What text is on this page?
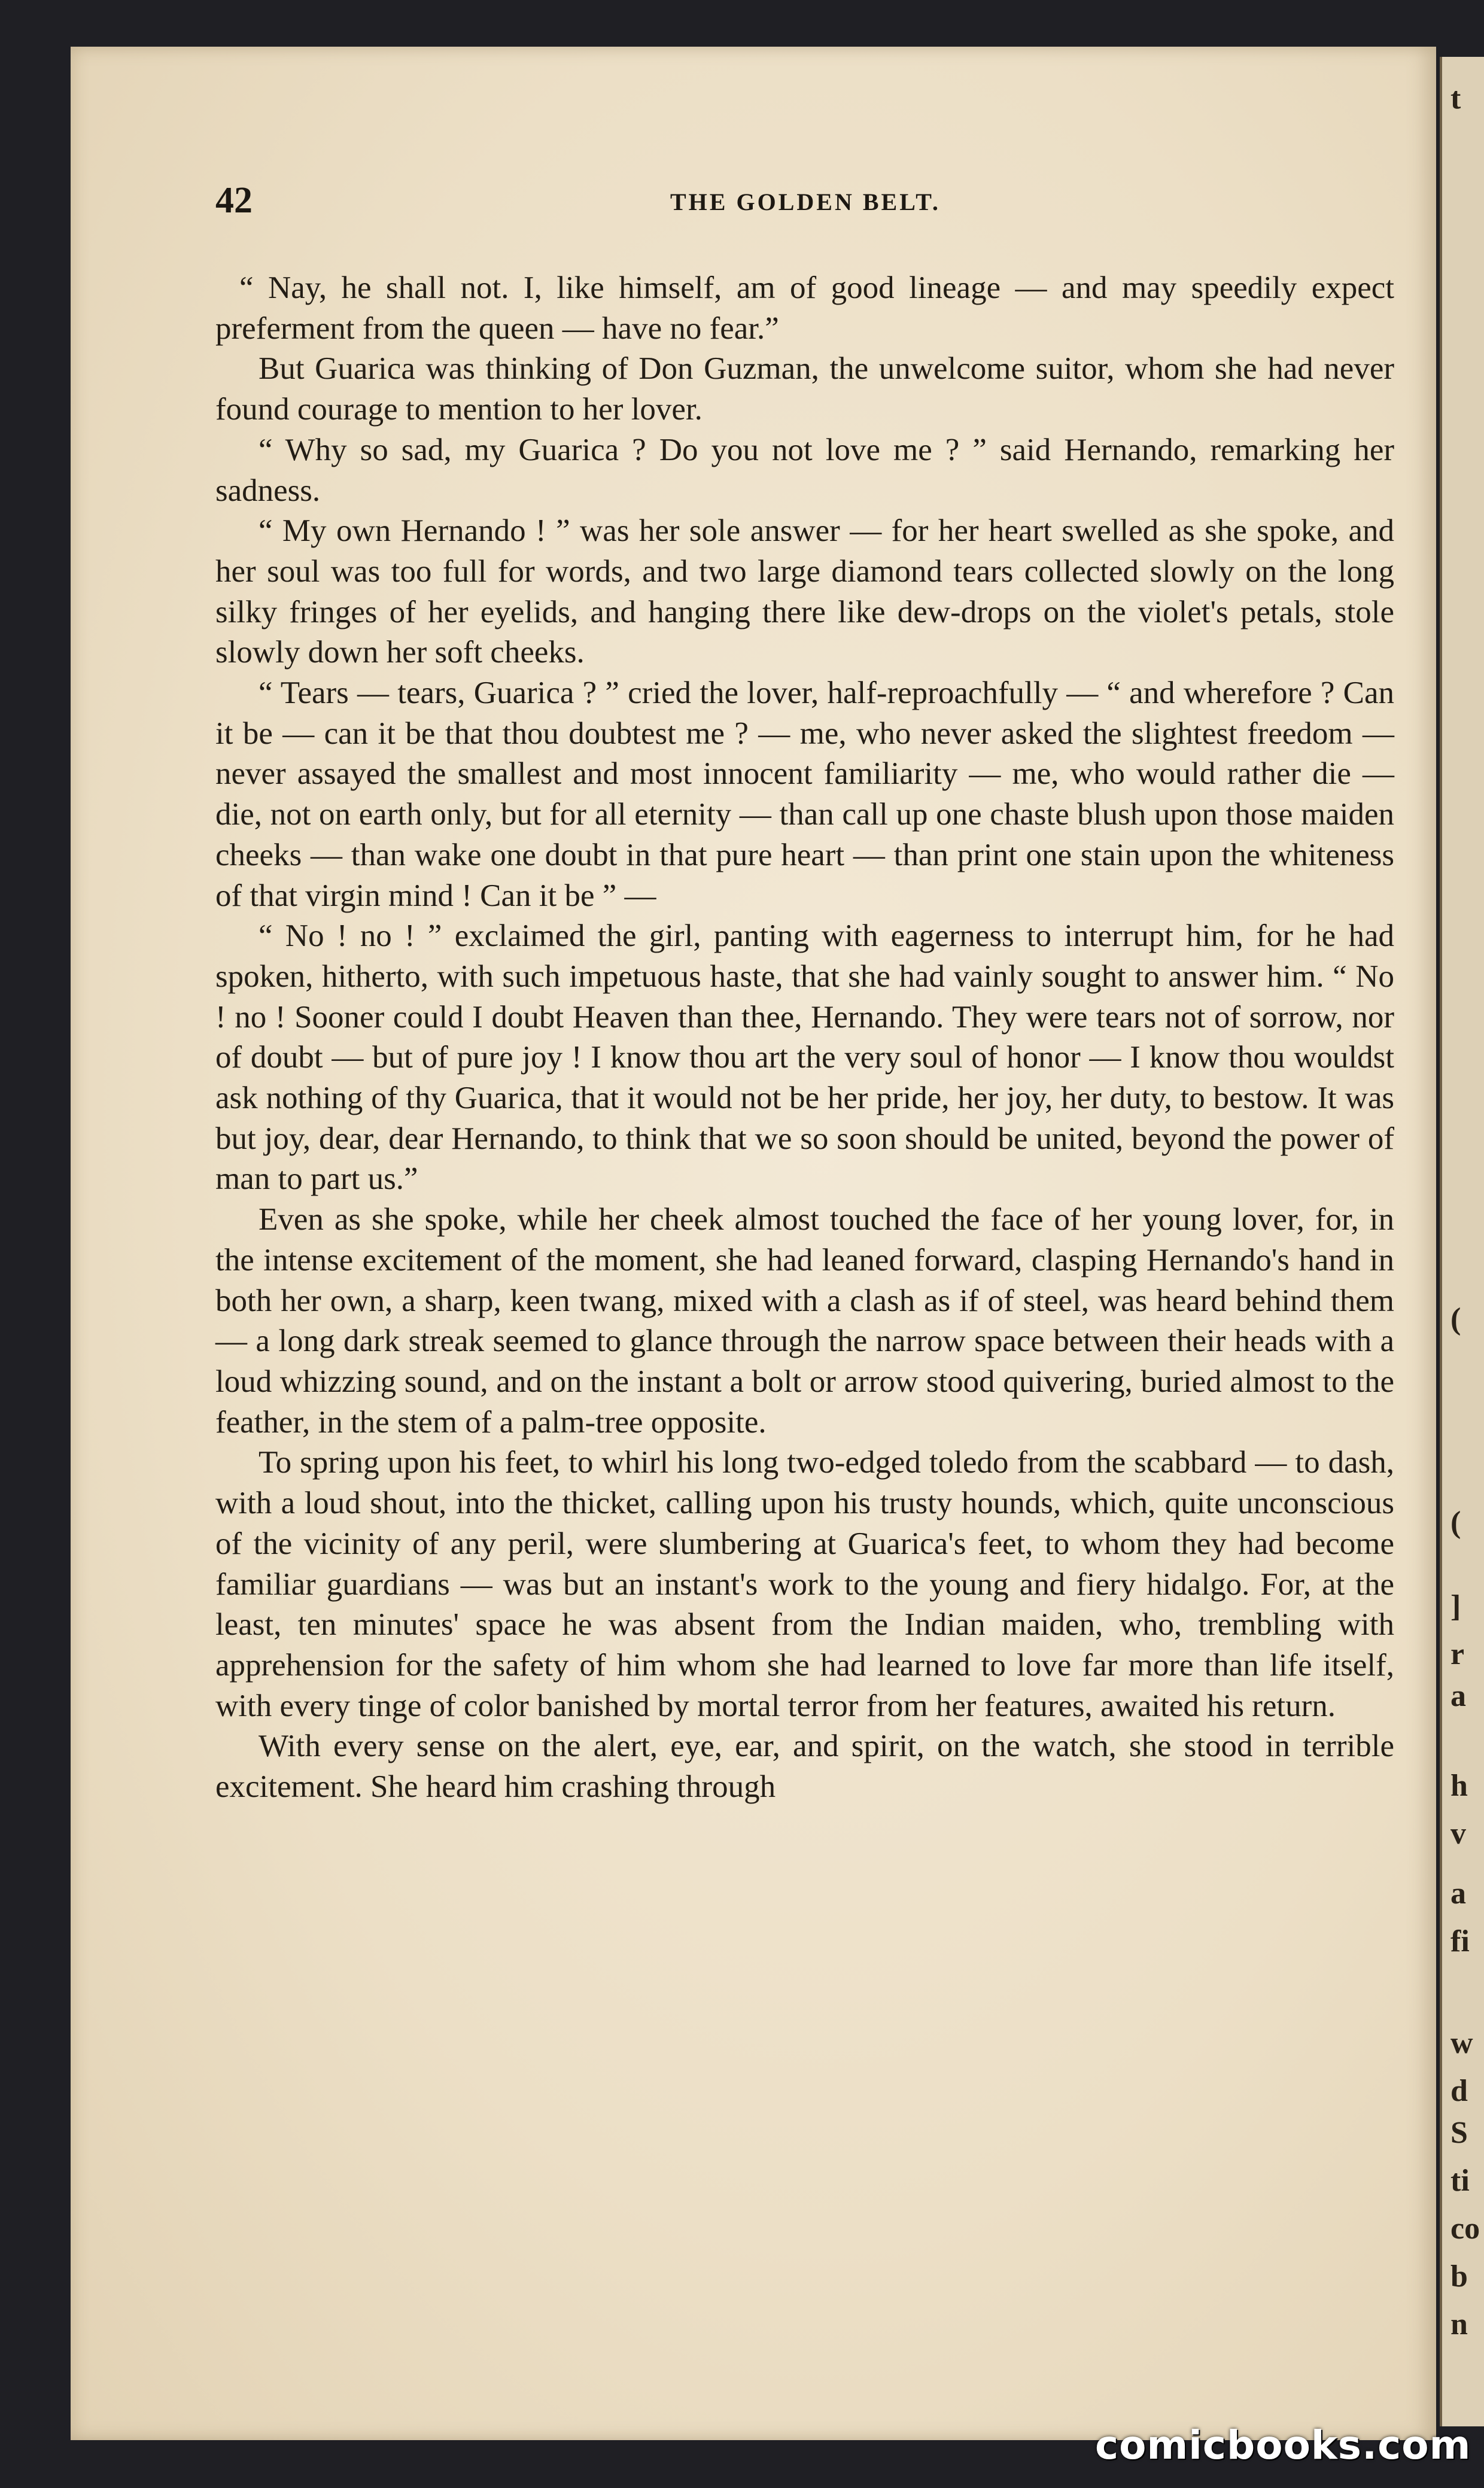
t
(
(
]
r
a
h
v
a
fi
w
d
S
ti
co
b
n
42	THE GOLDEN BELT.

“ Nay, he shall not. I, like himself, am of good lineage — and may speedily expect preferment from the queen — have no fear.”

But Guarica was thinking of Don Guzman, the unwelcome suitor, whom she had never found courage to mention to her lover.

“ Why so sad, my Guarica ? Do you not love me ? ” said Hernando, remarking her sadness.

“ My own Hernando ! ” was her sole answer — for her heart swelled as she spoke, and her soul was too full for words, and two large diamond tears collected slowly on the long silky fringes of her eyelids, and hanging there like dew-drops on the violet's petals, stole slowly down her soft cheeks.

“ Tears — tears, Guarica ? ” cried the lover, half-reproachfully — “ and wherefore ? Can it be — can it be that thou doubtest me ? — me, who never asked the slightest freedom — never assayed the smallest and most innocent familiarity — me, who would rather die — die, not on earth only, but for all eternity — than call up one chaste blush upon those maiden cheeks — than wake one doubt in that pure heart — than print one stain upon the whiteness of that virgin mind ! Can it be ” —

“ No ! no ! ” exclaimed the girl, panting with eagerness to interrupt him, for he had spoken, hitherto, with such impetuous haste, that she had vainly sought to answer him. “ No ! no ! Sooner could I doubt Heaven than thee, Hernando. They were tears not of sorrow, nor of doubt — but of pure joy ! I know thou art the very soul of honor — I know thou wouldst ask nothing of thy Guarica, that it would not be her pride, her joy, her duty, to bestow. It was but joy, dear, dear Hernando, to think that we so soon should be united, beyond the power of man to part us.”

Even as she spoke, while her cheek almost touched the face of her young lover, for, in the intense excitement of the moment, she had leaned forward, clasping Hernando's hand in both her own, a sharp, keen twang, mixed with a clash as if of steel, was heard behind them — a long dark streak seemed to glance through the narrow space between their heads with a loud whizzing sound, and on the instant a bolt or arrow stood quivering, buried almost to the feather, in the stem of a palm-tree opposite.

To spring upon his feet, to whirl his long two-edged toledo from the scabbard — to dash, with a loud shout, into the thicket, calling upon his trusty hounds, which, quite unconscious of the vicinity of any peril, were slumbering at Guarica's feet, to whom they had become familiar guardians — was but an instant's work to the young and fiery hidalgo. For, at the least, ten minutes' space he was absent from the Indian maiden, who, trembling with apprehension for the safety of him whom she had learned to love far more than life itself, with every tinge of color banished by mortal terror from her features, awaited his return.

With every sense on the alert, eye, ear, and spirit, on the watch, she stood in terrible excitement. She heard him crashing through

comicbooks.com
